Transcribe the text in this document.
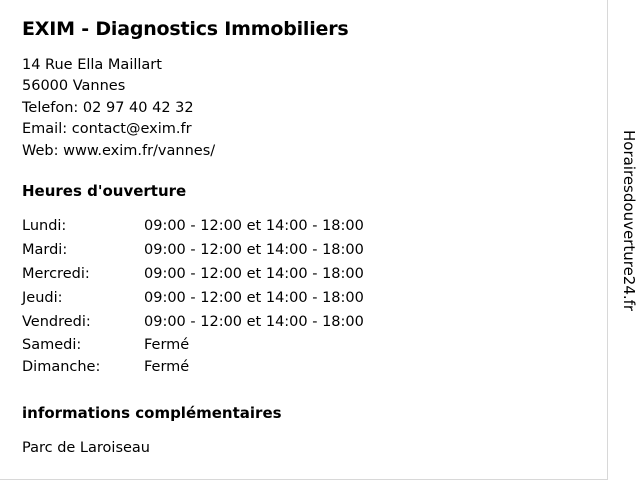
EXIM - Diagnostics Immobiliers
14 Rue Ella Maillart
56000 Vannes
Telefon: 02 97 40 42 32
Email: contact@exim.fr
Web: www.exim.fr/vannes/
Heures d'ouverture
Lundi:	09:00 - 12:00 et 14:00 - 18:00
Mardi:	09:00 - 12:00 et 14:00 - 18:00
Mercredi:	09:00 - 12:00 et 14:00 - 18:00
Jeudi:	09:00 - 12:00 et 14:00 - 18:00
Vendredi:	09:00 - 12:00 et 14:00 - 18:00
Samedi:	Fermé
Dimanche:	Fermé
informations complémentaires
Parc de Laroiseau
Horairesdouverture24.fr
